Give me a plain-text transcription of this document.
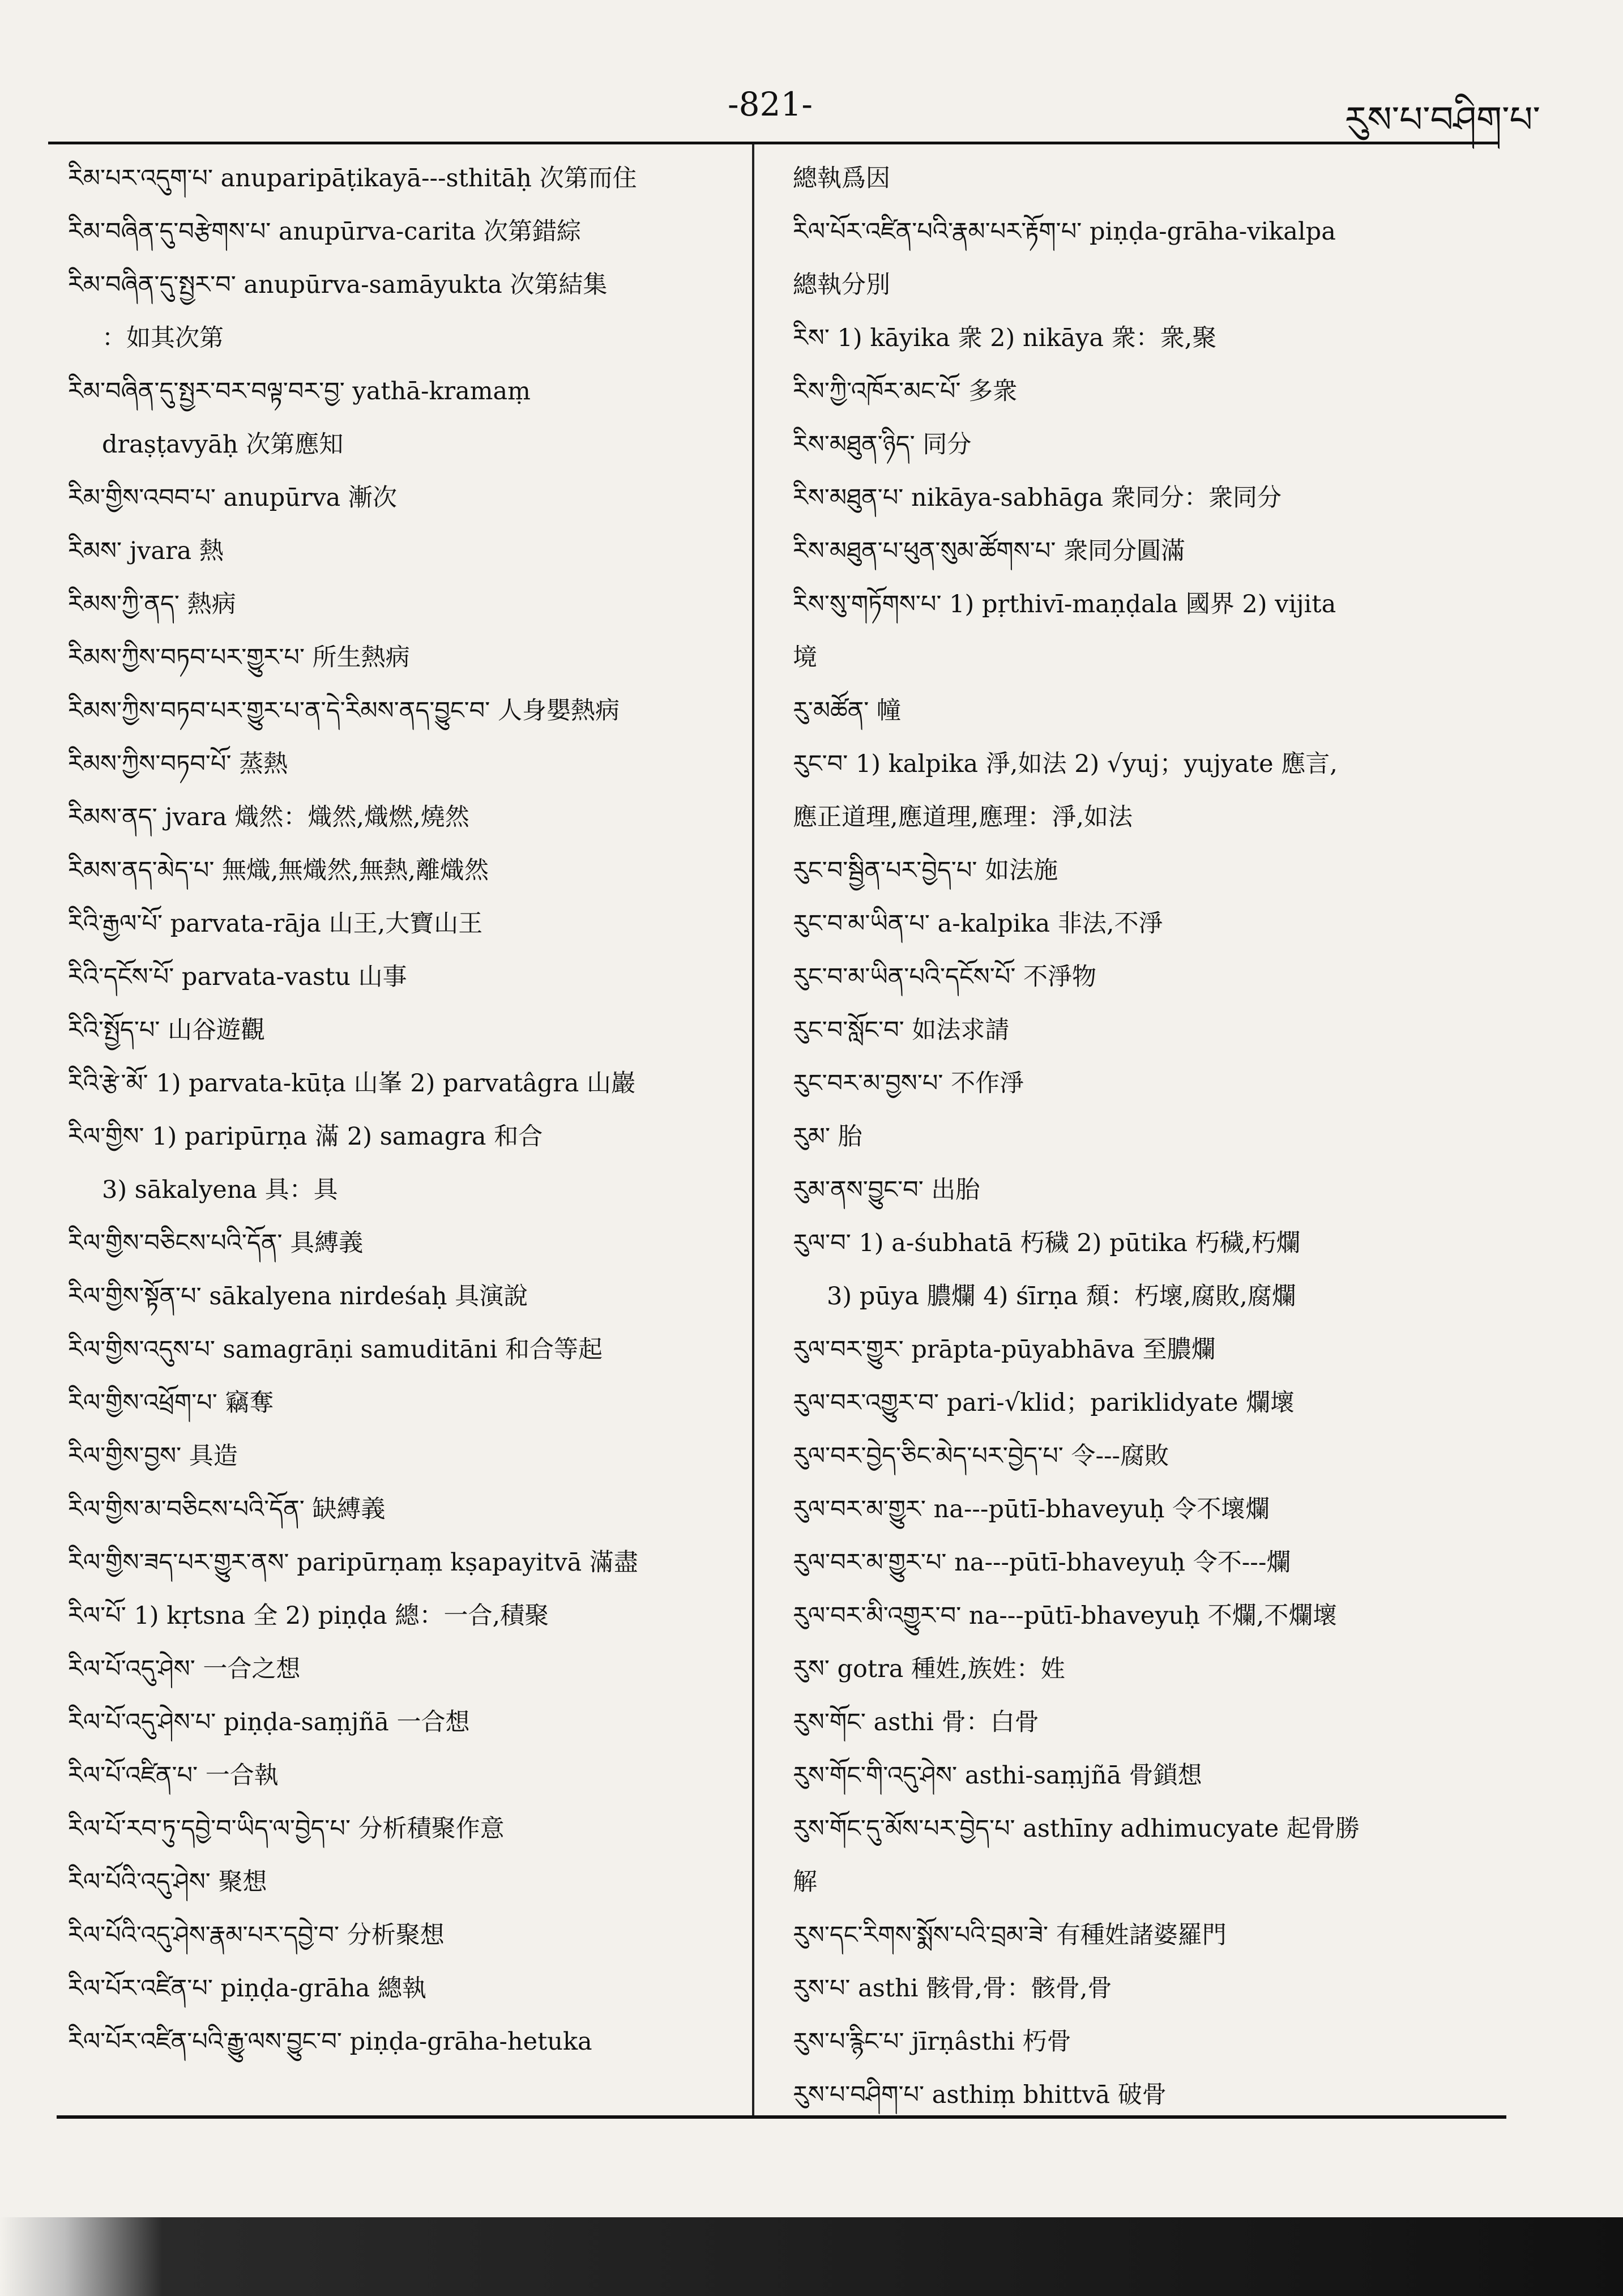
-821-	རུས་པ་བཤིག་པ་
རིམ་པར་འདུག་པ་ anuparipāṭikayā---sthitāḥ 次第而住
རིམ་བཞིན་དུ་བརྩེགས་པ་ anupūrva-carita 次第錯綜
རིམ་བཞིན་དུ་སྤྱར་བ་ anupūrva-samāyukta 次第結集
：如其次第
རིམ་བཞིན་དུ་སྤྱར་བར་བལྟ་བར་བྱ་ yathā-kramaṃ
draṣṭavyāḥ 次第應知
རིམ་གྱིས་འབབ་པ་ anupūrva 漸次
རིམས་ jvara 熱
རིམས་ཀྱི་ནད་ 熱病
རིམས་ཀྱིས་བཏབ་པར་གྱུར་པ་ 所生熱病
རིམས་ཀྱིས་བཏབ་པར་གྱུར་པ་ན་དེ་རིམས་ནད་བྱུང་བ་ 人身嬰熱病
རིམས་ཀྱིས་བཏབ་པོ་ 蒸熱
རིམས་ནད་ jvara 熾然：熾然,熾燃,燒然
རིམས་ནད་མེད་པ་ 無熾,無熾然,無熱,離熾然
རིའི་རྒྱལ་པོ་ parvata-rāja 山王,大寶山王
རིའི་དངོས་པོ་ parvata-vastu 山事
རིའི་སྤྱོད་པ་ 山谷遊觀
རིའི་རྩེ་མོ་ 1) parvata-kūṭa 山峯 2) parvatâgra 山巖
རིལ་གྱིས་ 1) paripūrṇa 滿 2) samagra 和合
3) sākalyena 具：具
རིལ་གྱིས་བཅིངས་པའི་དོན་ 具縛義
རིལ་གྱིས་སྟོན་པ་ sākalyena nirdeśaḥ 具演說
རིལ་གྱིས་འདུས་པ་ samagrāṇi samuditāni 和合等起
རིལ་གྱིས་འཕྲོག་པ་ 竊奪
རིལ་གྱིས་བྱས་ 具造
རིལ་གྱིས་མ་བཅིངས་པའི་དོན་ 缺縛義
རིལ་གྱིས་ཟད་པར་གྱུར་ནས་ paripūrṇaṃ kṣapayitvā 滿盡
རིལ་པོ་ 1) kṛtsna 全 2) piṇḍa 總：一合,積聚
རིལ་པོ་འདུ་ཤེས་ 一合之想
རིལ་པོ་འདུ་ཤེས་པ་ piṇḍa-saṃjñā 一合想
རིལ་པོ་འཛིན་པ་ 一合執
རིལ་པོ་རབ་ཏུ་དབྱེ་བ་ཡིད་ལ་བྱེད་པ་ 分析積聚作意
རིལ་པོའི་འདུ་ཤེས་ 聚想
རིལ་པོའི་འདུ་ཤེས་རྣམ་པར་དབྱེ་བ་ 分析聚想
རིལ་པོར་འཛིན་པ་ piṇḍa-grāha 總執
རིལ་པོར་འཛིན་པའི་རྒྱུ་ལས་བྱུང་བ་ piṇḍa-grāha-hetuka
總執爲因
རིལ་པོར་འཛིན་པའི་རྣམ་པར་རྟོག་པ་ piṇḍa-grāha-vikalpa
總執分別
རིས་ 1) kāyika 衆 2) nikāya 衆：衆,聚
རིས་ཀྱི་འཁོར་མང་པོ་ 多衆
རིས་མཐུན་ཉིད་ 同分
རིས་མཐུན་པ་ nikāya-sabhāga 衆同分：衆同分
རིས་མཐུན་པ་ཕུན་སུམ་ཚོགས་པ་ 衆同分圓滿
རིས་སུ་གཏོགས་པ་ 1) pṛthivī-maṇḍala 國界 2) vijita
境
རུ་མཚོན་ 幢
རུང་བ་ 1) kalpika 淨,如法 2) √yuj；yujyate 應言,
應正道理,應道理,應理：淨,如法
རུང་བ་སྦྱིན་པར་བྱེད་པ་ 如法施
རུང་བ་མ་ཡིན་པ་ a-kalpika 非法,不淨
རུང་བ་མ་ཡིན་པའི་དངོས་པོ་ 不淨物
རུང་བ་སློང་བ་ 如法求請
རུང་བར་མ་བྱས་པ་ 不作淨
རུམ་ 胎
རུམ་ནས་བྱུང་བ་ 出胎
རུལ་བ་ 1) a-śubhatā 朽穢 2) pūtika 朽穢,朽爛
3) pūya 膿爛 4) śīrṇa 頹：朽壞,腐敗,腐爛
རུལ་བར་གྱུར་ prāpta-pūyabhāva 至膿爛
རུལ་བར་འགྱུར་བ་ pari-√klid；pariklidyate 爛壞
རུལ་བར་བྱེད་ཅིང་མེད་པར་བྱེད་པ་ 令---腐敗
རུལ་བར་མ་གྱུར་ na---pūtī-bhaveyuḥ 令不壞爛
རུལ་བར་མ་གྱུར་པ་ na---pūtī-bhaveyuḥ 令不---爛
རུལ་བར་མི་འགྱུར་བ་ na---pūtī-bhaveyuḥ 不爛,不爛壞
རུས་ gotra 種姓,族姓：姓
རུས་གོང་ asthi 骨：白骨
རུས་གོང་གི་འདུ་ཤེས་ asthi-saṃjñā 骨鎖想
རུས་གོང་དུ་མོས་པར་བྱེད་པ་ asthīny adhimucyate 起骨勝
解
རུས་དང་རིགས་སྨོས་པའི་བྲམ་ཟེ་ 有種姓諸婆羅門
རུས་པ་ asthi 骸骨,骨：骸骨,骨
རུས་པ་རྙིང་པ་ jīrṇâsthi 朽骨
རུས་པ་བཤིག་པ་ asthiṃ bhittvā 破骨
